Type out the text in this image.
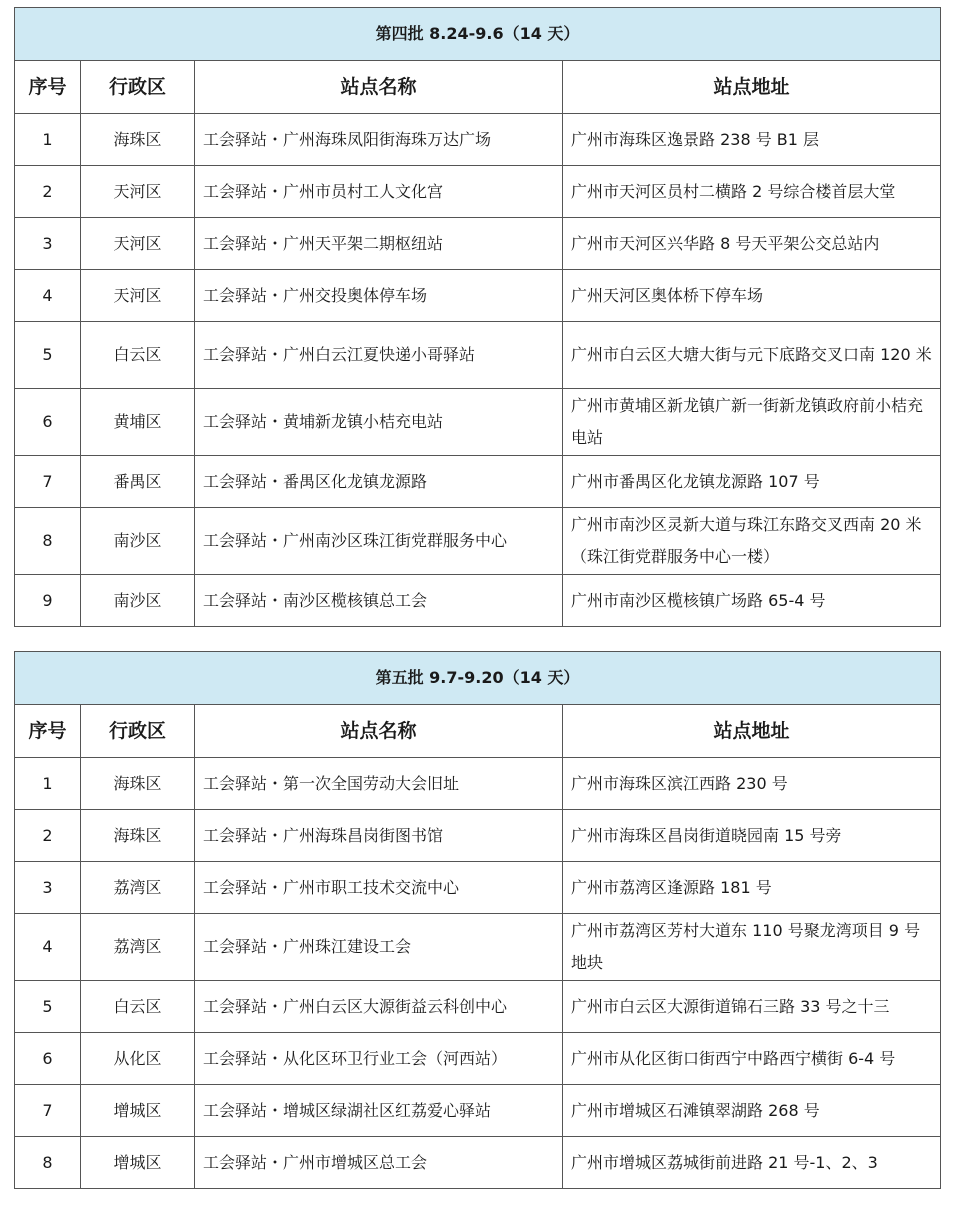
第四批 8.24-9.6（14 天）			
序号	行政区	站点名称	站点地址
1	海珠区	工会驿站・广州海珠凤阳街海珠万达广场	广州市海珠区逸景路 238 号 B1 层
2	天河区	工会驿站・广州市员村工人文化宫	广州市天河区员村二横路 2 号综合楼首层大堂
3	天河区	工会驿站・广州天平架二期枢纽站	广州市天河区兴华路 8 号天平架公交总站内
4	天河区	工会驿站・广州交投奥体停车场	广州天河区奥体桥下停车场
5	白云区	工会驿站・广州白云江夏快递小哥驿站	广州市白云区大塘大街与元下底路交叉口南 120 米
6	黄埔区	工会驿站・黄埔新龙镇小桔充电站	广州市黄埔区新龙镇广新一街新龙镇政府前小桔充电站
7	番禺区	工会驿站・番禺区化龙镇龙源路	广州市番禺区化龙镇龙源路 107 号
8	南沙区	工会驿站・广州南沙区珠江街党群服务中心	广州市南沙区灵新大道与珠江东路交叉西南 20 米（珠江街党群服务中心一楼）
9	南沙区	工会驿站・南沙区榄核镇总工会	广州市南沙区榄核镇广场路 65-4 号
第五批 9.7-9.20（14 天）			
序号	行政区	站点名称	站点地址
1	海珠区	工会驿站・第一次全国劳动大会旧址	广州市海珠区滨江西路 230 号
2	海珠区	工会驿站・广州海珠昌岗街图书馆	广州市海珠区昌岗街道晓园南 15 号旁
3	荔湾区	工会驿站・广州市职工技术交流中心	广州市荔湾区逢源路 181 号
4	荔湾区	工会驿站・广州珠江建设工会	广州市荔湾区芳村大道东 110 号聚龙湾项目 9 号地块
5	白云区	工会驿站・广州白云区大源街益云科创中心	广州市白云区大源街道锦石三路 33 号之十三
6	从化区	工会驿站・从化区环卫行业工会（河西站）	广州市从化区街口街西宁中路西宁横街 6-4 号
7	增城区	工会驿站・增城区绿湖社区红荔爱心驿站	广州市增城区石滩镇翠湖路 268 号
8	增城区	工会驿站・广州市增城区总工会	广州市增城区荔城街前进路 21 号-1、2、3
